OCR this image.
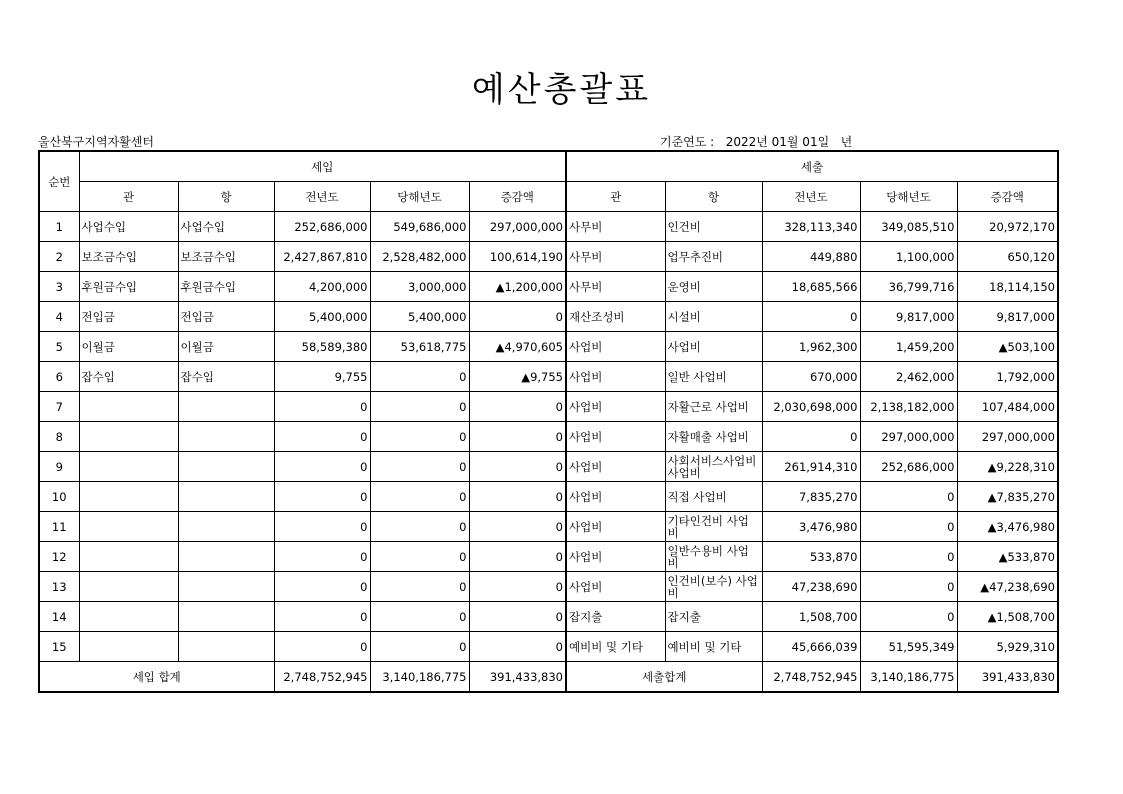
예산총괄표
울산북구지역자활센터	기준연도 : 2022년 01월 01일   년
순번	세입					세출				
	관	항	전년도	당해년도	증감액	관	항	전년도	당해년도	증감액
1	사업수입	사업수입	252,686,000	549,686,000	297,000,000	사무비	인건비	328,113,340	349,085,510	20,972,170
2	보조금수입	보조금수입	2,427,867,810	2,528,482,000	100,614,190	사무비	업무추진비	449,880	1,100,000	650,120
3	후원금수입	후원금수입	4,200,000	3,000,000	▲1,200,000	사무비	운영비	18,685,566	36,799,716	18,114,150
4	전입금	전입금	5,400,000	5,400,000	0	재산조성비	시설비	0	9,817,000	9,817,000
5	이월금	이월금	58,589,380	53,618,775	▲4,970,605	사업비	사업비	1,962,300	1,459,200	▲503,100
6	잡수입	잡수입	9,755	0	▲9,755	사업비	일반 사업비	670,000	2,462,000	1,792,000
7			0	0	0	사업비	자활근로 사업비	2,030,698,000	2,138,182,000	107,484,000
8			0	0	0	사업비	자활매출 사업비	0	297,000,000	297,000,000
9			0	0	0	사업비	사회서비스사업비 사업비	261,914,310	252,686,000	▲9,228,310
10			0	0	0	사업비	직접 사업비	7,835,270	0	▲7,835,270
11			0	0	0	사업비	기타인건비 사업비	3,476,980	0	▲3,476,980
12			0	0	0	사업비	일반수용비 사업비	533,870	0	▲533,870
13			0	0	0	사업비	인건비(보수) 사업비	47,238,690	0	▲47,238,690
14			0	0	0	잡지출	잡지출	1,508,700	0	▲1,508,700
15			0	0	0	예비비 및 기타	예비비 및 기타	45,666,039	51,595,349	5,929,310
세입 합계			2,748,752,945	3,140,186,775	391,433,830	세출합계		2,748,752,945	3,140,186,775	391,433,830
